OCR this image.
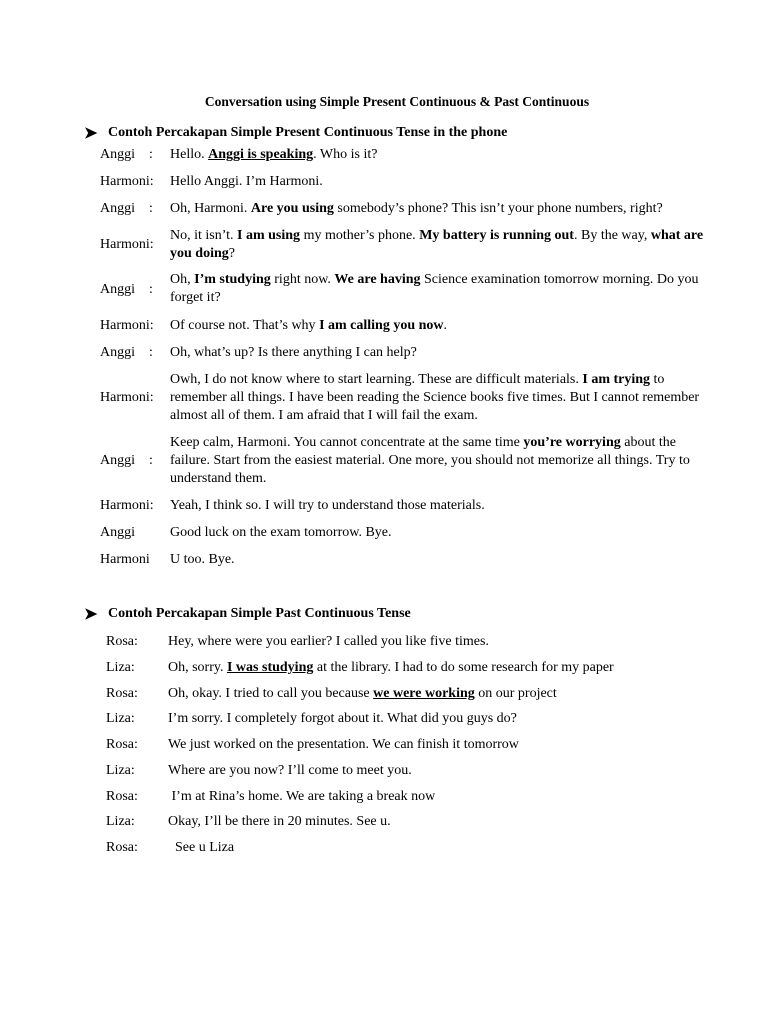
Conversation using Simple Present Continuous & Past Continuous
➤ Contoh Percakapan Simple Present Continuous Tense in the phone
Anggi    : Hello. Anggi is speaking. Who is it?
Harmoni: Hello Anggi. I’m Harmoni.
Anggi    : Oh, Harmoni. Are you using somebody’s phone? This isn’t your phone numbers, right?
Harmoni:
No, it isn’t. I am using my mother’s phone. My battery is running out. By the way, what are you doing?
Anggi    :
Oh, I’m studying right now. We are having Science examination tomorrow morning. Do you forget it?
Harmoni: Of course not. That’s why I am calling you now.
Anggi    : Oh, what’s up? Is there anything I can help?
Harmoni:
Owh, I do not know where to start learning. These are difficult materials. I am trying to remember all things. I have been reading the Science books five times. But I cannot remember almost all of them. I am afraid that I will fail the exam.
Anggi    :
Keep calm, Harmoni. You cannot concentrate at the same time you’re worrying about the failure. Start from the easiest material. One more, you should not memorize all things. Try to understand them.
Harmoni: Yeah, I think so. I will try to understand those materials.
Anggi	Good luck on the exam tomorrow. Bye.
Harmoni U too. Bye.
➤ Contoh Percakapan Simple Past Continuous Tense
Rosa: Hey, where were you earlier? I called you like five times.
Liza: Oh, sorry. I was studying at the library. I had to do some research for my paper
Rosa: Oh, okay. I tried to call you because we were working on our project
Liza: I’m sorry. I completely forgot about it. What did you guys do?
Rosa: We just worked on the presentation. We can finish it tomorrow
Liza: Where are you now? I’ll come to meet you.
Rosa: I’m at Rina’s home. We are taking a break now
Liza: Okay, I’ll be there in 20 minutes. See u.
Rosa: See u Liza
